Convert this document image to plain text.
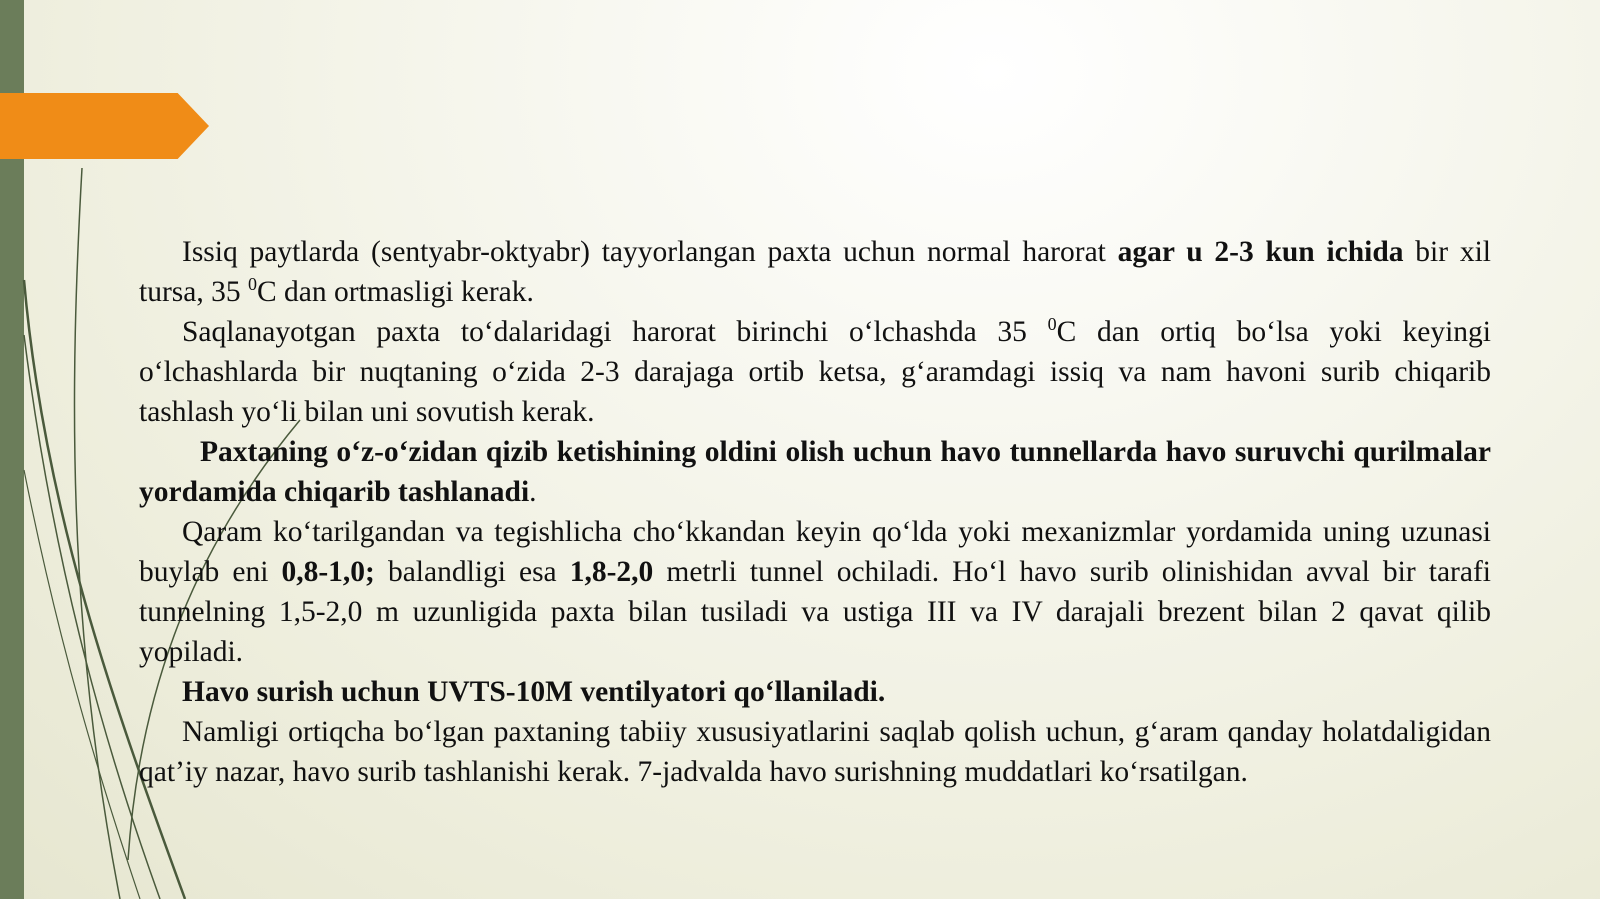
Issiq paytlarda (sentyabr-oktyabr) tayyorlangan paxta uchun normal harorat agar u 2-3 kun ichida bir xil tursa, 35 $^0$C dan ortmasligi kerak.

Saqlanayotgan paxta to‘dalaridagi harorat birinchi o‘lchashda 35 $^0$C dan ortiq bo‘lsa yoki keyingi o‘lchashlarda bir nuqtaning o‘zida 2-3 darajaga ortib ketsa, g‘aramdagi issiq va nam havoni surib chiqarib tashlash yo‘li bilan uni sovutish kerak.

Paxtaning o‘z-o‘zidan qizib ketishining oldini olish uchun havo tunnellarda havo suruvchi qurilmalar yordamida chiqarib tashlanadi.

Qaram ko‘tarilgandan va tegishlicha cho‘kkandan keyin qo‘lda yoki mexanizmlar yordamida uning uzunasi buylab eni 0,8-1,0; balandligi esa 1,8-2,0 metrli tunnel ochiladi. Ho‘l havo surib olinishidan avval bir tarafi tunnelning 1,5-2,0 m uzunligida paxta bilan tusiladi va ustiga III va IV darajali brezent bilan 2 qavat qilib yopiladi.

Havo surish uchun UVTS-10M ventilyatori qo‘llaniladi.

Namligi ortiqcha bo‘lgan paxtaning tabiiy xususiyatlarini saqlab qolish uchun, g‘aram qanday holatdaligidan qat’iy nazar, havo surib tashlanishi kerak. 7-jadvalda havo surishning muddatlari ko‘rsatilgan.
